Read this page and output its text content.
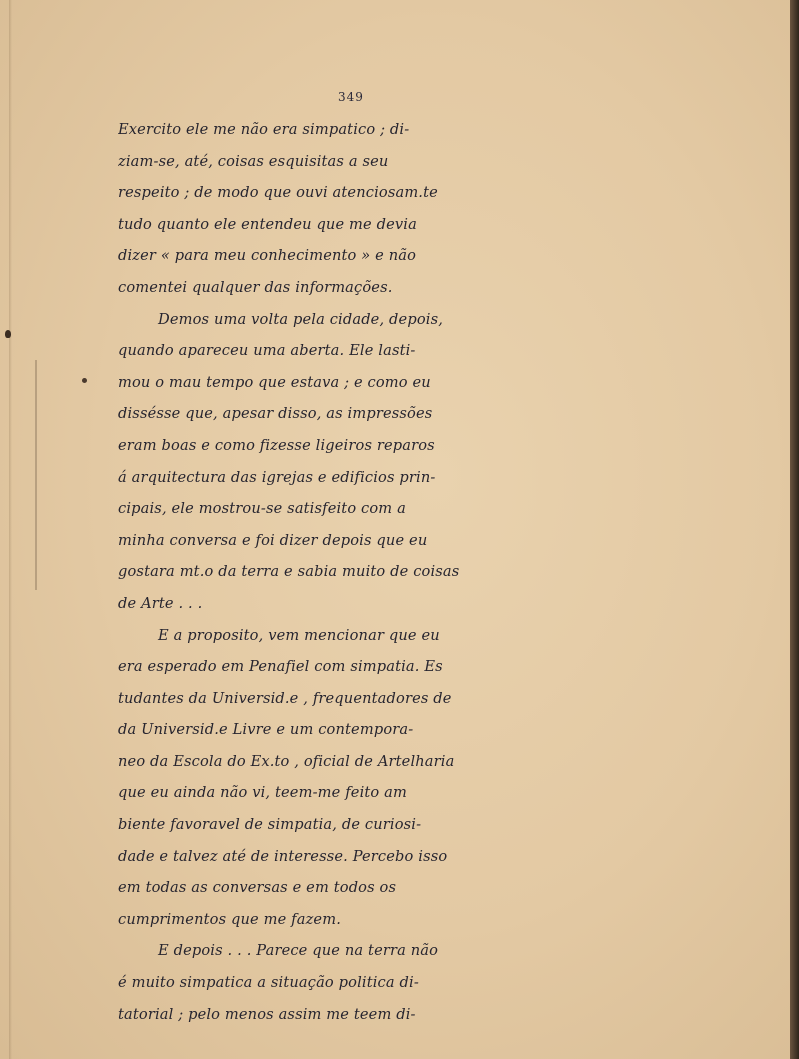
349
Exercito ele me não era simpatico ; di-
ziam-se, até, coisas esquisitas a seu
respeito ; de modo que ouvi atenciosam.te
tudo quanto ele entendeu que me devia
dizer « para meu conhecimento » e não
comentei qualquer das informações.
Demos uma volta pela cidade, depois,
quando apareceu uma aberta. Ele lasti-
mou o mau tempo que estava ; e como eu
dissésse que, apesar disso, as impressões
eram boas e como fizesse ligeiros reparos
á arquitectura das igrejas e edificios prin-
cipais, ele mostrou-se satisfeito com a
minha conversa e foi dizer depois que eu
gostara mt.o da terra e sabia muito de coisas
de Arte . . .
E a proposito, vem mencionar que eu
era esperado em Penafiel com simpatia. Es
tudantes da Universid.e , frequentadores de
da Universid.e Livre e um contempora-
neo da Escola do Ex.to , oficial de Artelharia
que eu ainda não vi, teem-me feito am
biente favoravel de simpatia, de curiosi-
dade e talvez até de interesse. Percebo isso
em todas as conversas e em todos os
cumprimentos que me fazem.
E depois . . . Parece que na terra não
é muito simpatica a situação politica di-
tatorial ; pelo menos assim me teem di-
